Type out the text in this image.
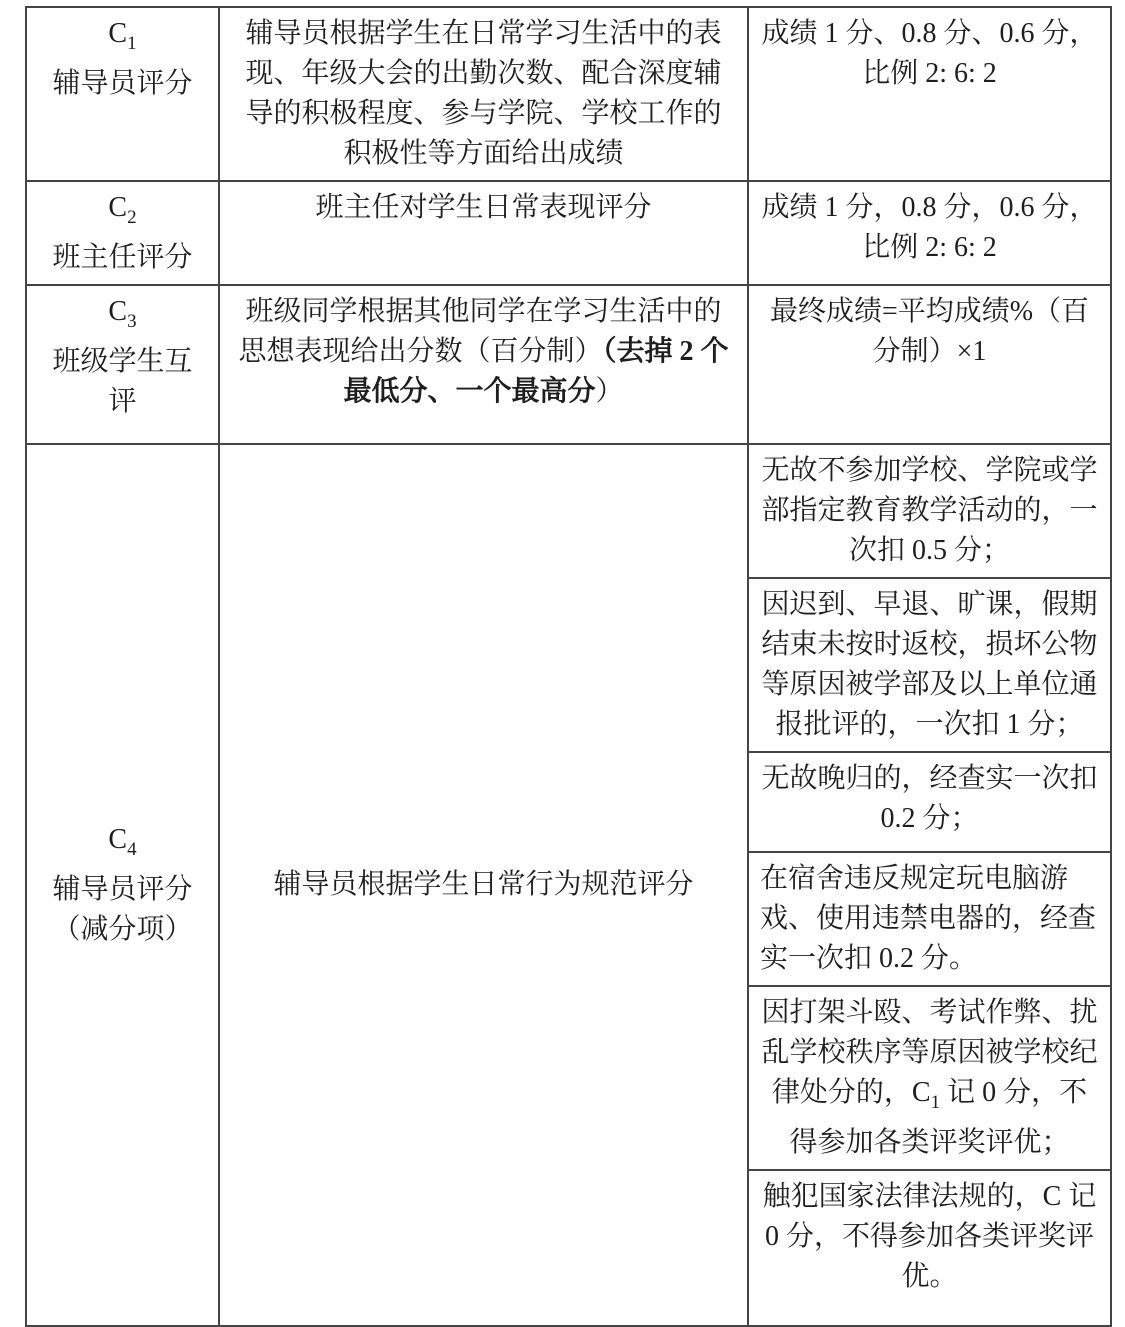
$C_1$
辅导员评分	辅导员根据学生在日常学习生活中的表现、年级大会的出勤次数、配合深度辅导的积极程度、参与学院、学校工作的积极性等方面给出成绩	成绩 1 分、0.8 分、0.6 分，比例 2: 6: 2

$C_2$
班主任评分	班主任对学生日常表现评分	成绩 1 分，0.8 分，0.6 分，比例 2: 6: 2

$C_3$
班级学生互评	班级同学根据其他同学在学习生活中的思想表现给出分数（百分制）（去掉 2 个最低分、一个最高分）	最终成绩=平均成绩%（百分制）×1

$C_4$
辅导员评分
（减分项）	辅导员根据学生日常行为规范评分	无故不参加学校、学院或学部指定教育教学活动的，一次扣 0.5 分；
		因迟到、早退、旷课，假期结束未按时返校，损坏公物等原因被学部及以上单位通报批评的，一次扣 1 分；
		无故晚归的，经查实一次扣 0.2 分；
		在宿舍违反规定玩电脑游戏、使用违禁电器的，经查实一次扣 0.2 分。
		因打架斗殴、考试作弊、扰乱学校秩序等原因被学校纪律处分的，$C_1$ 记 0 分，不得参加各类评奖评优；
		触犯国家法律法规的，C 记 0 分，不得参加各类评奖评优。
